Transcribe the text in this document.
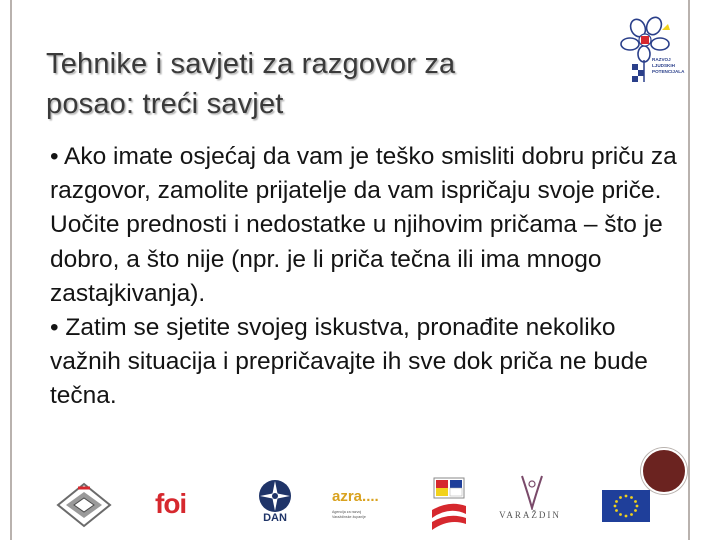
RAZVOJ
LJUDSKIH
POTENCIJALA
Tehnike i savjeti za razgovor za
posao: treći savjet
• Ako imate osjećaj da vam je teško smisliti dobru priču za razgovor, zamolite prijatelje da vam ispričaju svoje priče. Uočite prednosti i nedostatke u njihovim pričama – što je dobro, a što nije (npr. je li priča tečna ili ima mnogo zastajkivanja).
• Zatim se sjetite svojeg iskustva, pronađite nekoliko važnih situacija i prepričavajte ih sve dok priča ne bude tečna.
foi	DAN
azra....
Agencija za razvoj
Varaždinske županije	VARAŽDIN
